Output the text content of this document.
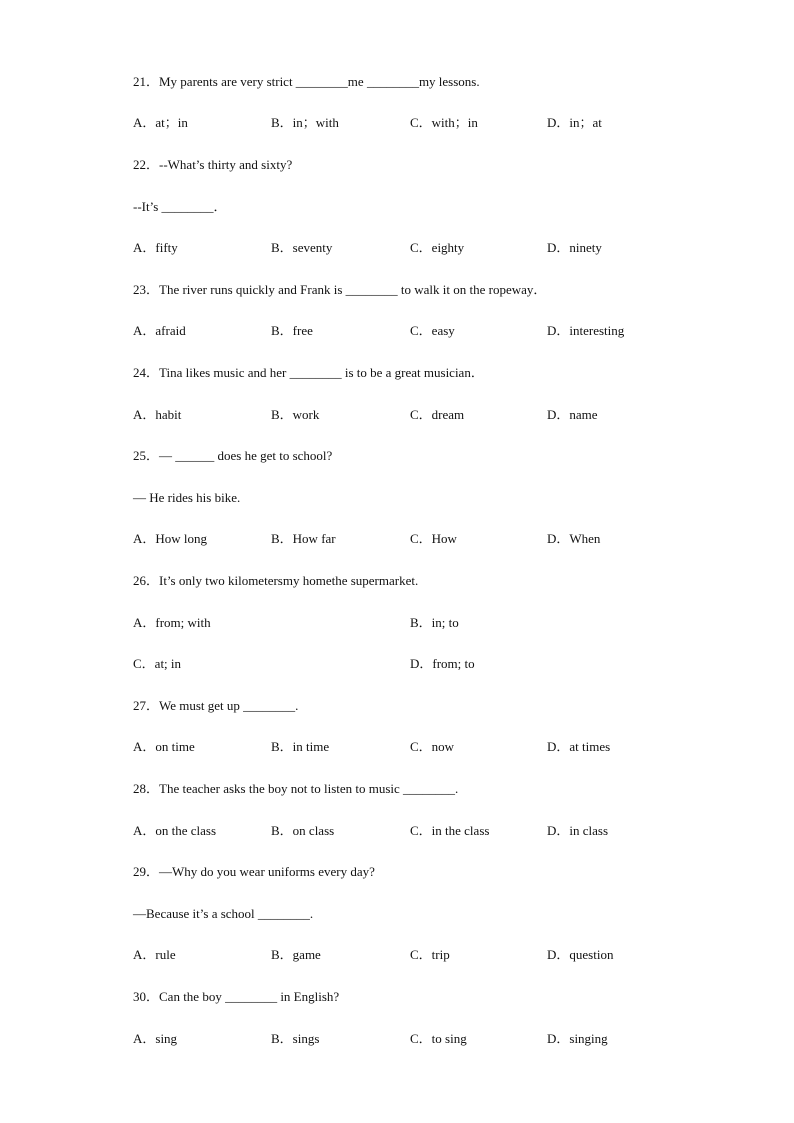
21．My parents are very strict ________me ________my lessons.
A．at；in	B．in；with	C．with；in	D．in；at
22．--What’s thirty and sixty?
--It’s ________．
A．fifty	B．seventy	C．eighty	D．ninety
23．The river runs quickly and Frank is ________ to walk it on the ropeway．
A．afraid	B．free	C．easy	D．interesting
24．Tina likes music and her ________ is to be a great musician．
A．habit	B．work	C．dream	D．name
25．— ______ does he get to school?
— He rides his bike.
A．How long	B．How far	C．How	D．When
26．It’s only two kilometersmy homethe supermarket.
A．from; with	B．in; to
C．at; in	D．from; to
27．We must get up ________.
A．on time	B．in time	C．now	D．at times
28．The teacher asks the boy not to listen to music ________.
A．on the class	B．on class	C．in the class	D．in class
29．—Why do you wear uniforms every day?
—Because it’s a school ________.
A．rule	B．game	C．trip	D．question
30．Can the boy ________ in English?
A．sing	B．sings	C．to sing	D．singing
